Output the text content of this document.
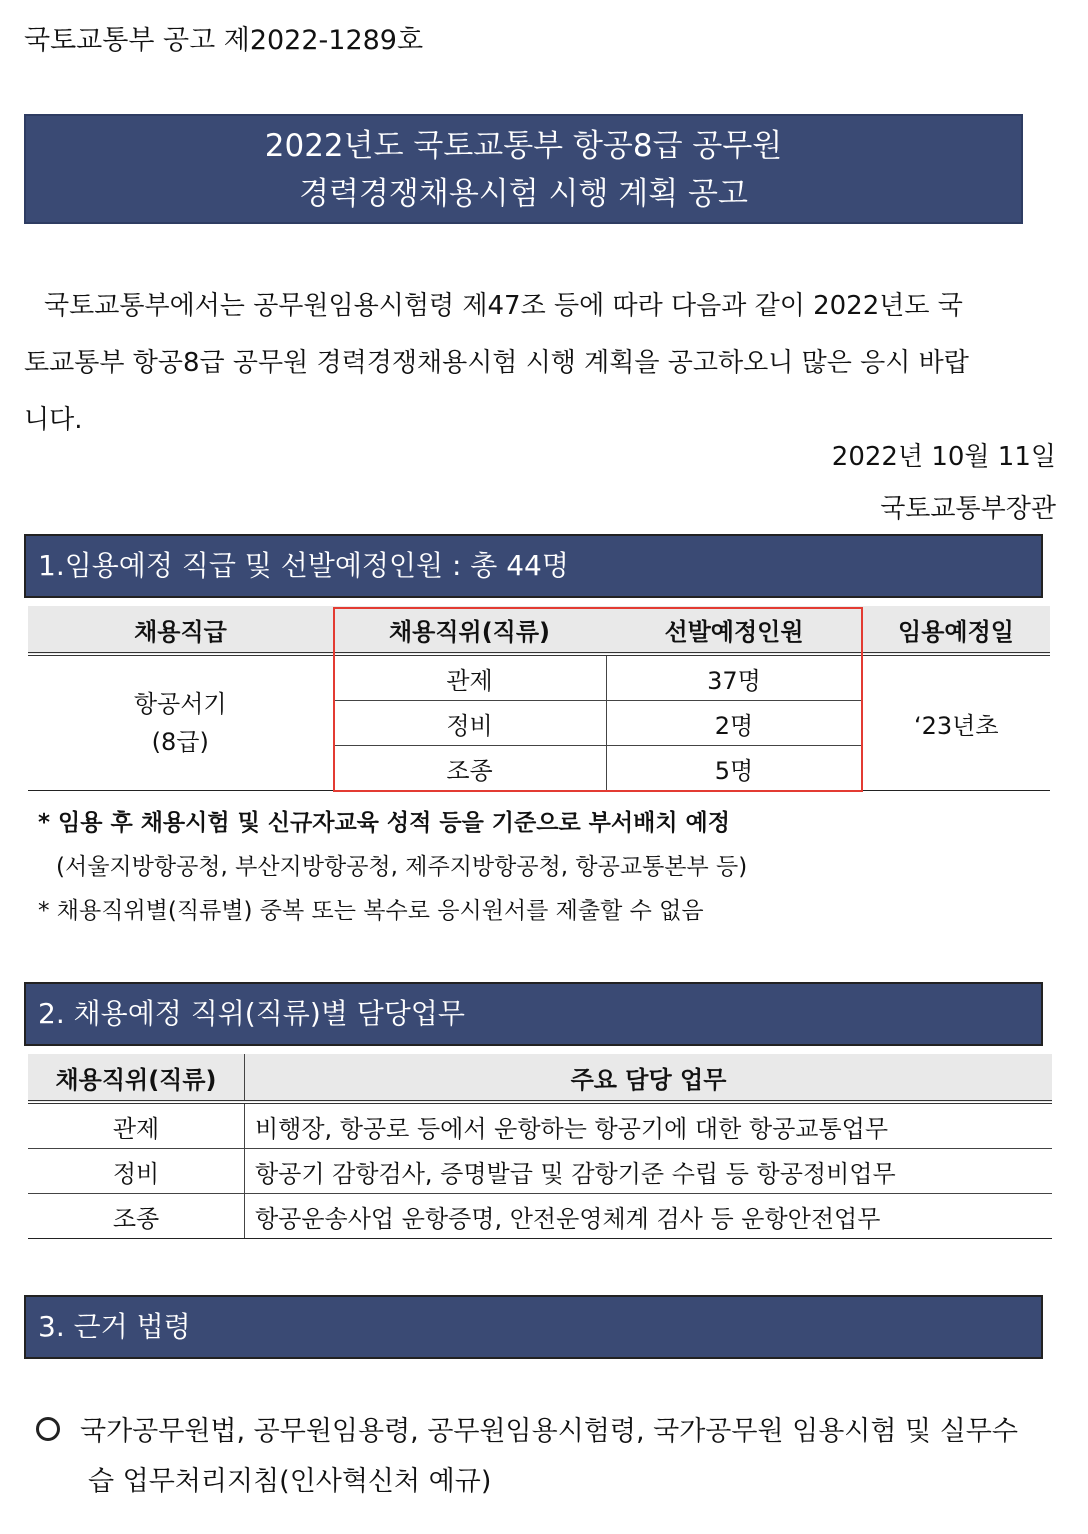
국토교통부 공고 제2022-1289호
2022년도 국토교통부 항공8급 공무원
경력경쟁채용시험 시행 계획 공고
국토교통부에서는 공무원임용시험령 제47조 등에 따라 다음과 같이 2022년도 국
토교통부 항공8급 공무원 경력경쟁채용시험 시행 계획을 공고하오니 많은 응시 바랍
니다.
2022년 10월 11일
국토교통부장관
1.임용예정 직급 및 선발예정인원 : 총 44명
채용직급	채용직위(직류)	선발예정인원	임용예정일

항공서기
(8급)	관제	37명	‘23년초
	정비	2명	
	조종	5명	
* 임용 후 채용시험 및 신규자교육 성적 등을 기준으로 부서배치 예정
(서울지방항공청, 부산지방항공청, 제주지방항공청, 항공교통본부 등)
* 채용직위별(직류별) 중복 또는 복수로 응시원서를 제출할 수 없음
2. 채용예정 직위(직류)별 담당업무
채용직위(직류)	주요 담당 업무
관제	비행장, 항공로 등에서 운항하는 항공기에 대한 항공교통업무
정비	항공기 감항검사, 증명발급 및 감항기준 수립 등 항공정비업무
조종	항공운송사업 운항증명, 안전운영체계 검사 등 운항안전업무
3. 근거 법령
국가공무원법, 공무원임용령, 공무원임용시험령, 국가공무원 임용시험 및 실무수
습 업무처리지침(인사혁신처 예규)
